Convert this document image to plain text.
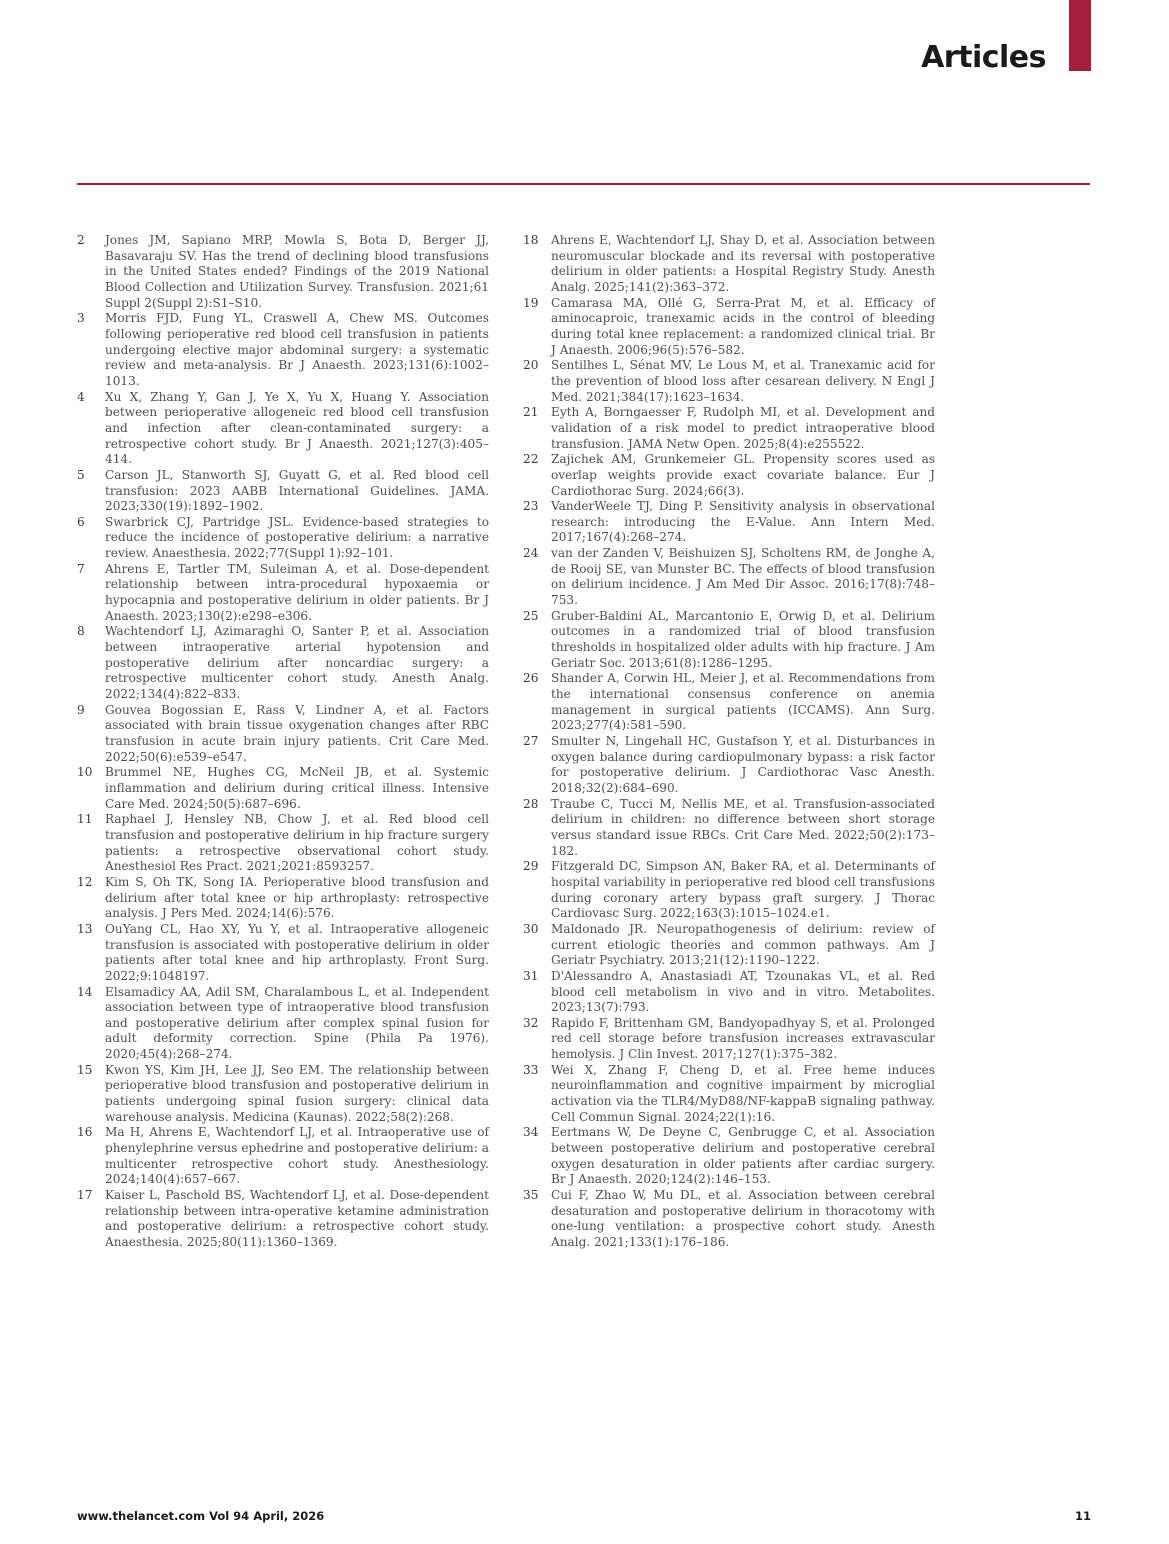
Articles
2	Jones JM, Sapiano MRP, Mowla S, Bota D, Berger JJ, Basavaraju SV. Has the trend of declining blood transfusions in the United States ended? Findings of the 2019 National Blood Collection and Utilization Survey. Transfusion. 2021;61 Suppl 2(Suppl 2):S1–S10.
3	Morris FJD, Fung YL, Craswell A, Chew MS. Outcomes following perioperative red blood cell transfusion in patients undergoing elective major abdominal surgery: a systematic review and meta-analysis. Br J Anaesth. 2023;131(6):1002–1013.
4	Xu X, Zhang Y, Gan J, Ye X, Yu X, Huang Y. Association between perioperative allogeneic red blood cell transfusion and infection after clean-contaminated surgery: a retrospective cohort study. Br J Anaesth. 2021;127(3):405–414.
5	Carson JL, Stanworth SJ, Guyatt G, et al. Red blood cell transfusion: 2023 AABB International Guidelines. JAMA. 2023;330(19):1892–1902.
6	Swarbrick CJ, Partridge JSL. Evidence-based strategies to reduce the incidence of postoperative delirium: a narrative review. Anaesthesia. 2022;77(Suppl 1):92–101.
7	Ahrens E, Tartler TM, Suleiman A, et al. Dose-dependent relationship between intra-procedural hypoxaemia or hypocapnia and postoperative delirium in older patients. Br J Anaesth. 2023;130(2):e298–e306.
8	Wachtendorf LJ, Azimaraghi O, Santer P, et al. Association between intraoperative arterial hypotension and postoperative delirium after noncardiac surgery: a retrospective multicenter cohort study. Anesth Analg. 2022;134(4):822–833.
9	Gouvea Bogossian E, Rass V, Lindner A, et al. Factors associated with brain tissue oxygenation changes after RBC transfusion in acute brain injury patients. Crit Care Med. 2022;50(6):e539–e547.
10	Brummel NE, Hughes CG, McNeil JB, et al. Systemic inflammation and delirium during critical illness. Intensive Care Med. 2024;50(5):687–696.
11	Raphael J, Hensley NB, Chow J, et al. Red blood cell transfusion and postoperative delirium in hip fracture surgery patients: a retrospective observational cohort study. Anesthesiol Res Pract. 2021;2021:8593257.
12	Kim S, Oh TK, Song IA. Perioperative blood transfusion and delirium after total knee or hip arthroplasty: retrospective analysis. J Pers Med. 2024;14(6):576.
13	OuYang CL, Hao XY, Yu Y, et al. Intraoperative allogeneic transfusion is associated with postoperative delirium in older patients after total knee and hip arthroplasty. Front Surg. 2022;9:1048197.
14	Elsamadicy AA, Adil SM, Charalambous L, et al. Independent association between type of intraoperative blood transfusion and postoperative delirium after complex spinal fusion for adult deformity correction. Spine (Phila Pa 1976). 2020;45(4):268–274.
15	Kwon YS, Kim JH, Lee JJ, Seo EM. The relationship between perioperative blood transfusion and postoperative delirium in patients undergoing spinal fusion surgery: clinical data warehouse analysis. Medicina (Kaunas). 2022;58(2):268.
16	Ma H, Ahrens E, Wachtendorf LJ, et al. Intraoperative use of phenylephrine versus ephedrine and postoperative delirium: a multicenter retrospective cohort study. Anesthesiology. 2024;140(4):657–667.
17	Kaiser L, Paschold BS, Wachtendorf LJ, et al. Dose-dependent relationship between intra-operative ketamine administration and postoperative delirium: a retrospective cohort study. Anaesthesia. 2025;80(11):1360–1369.
18	Ahrens E, Wachtendorf LJ, Shay D, et al. Association between neuromuscular blockade and its reversal with postoperative delirium in older patients: a Hospital Registry Study. Anesth Analg. 2025;141(2):363–372.
19	Camarasa MA, Ollé G, Serra-Prat M, et al. Efficacy of aminocaproic, tranexamic acids in the control of bleeding during total knee replacement: a randomized clinical trial. Br J Anaesth. 2006;96(5):576–582.
20	Sentilhes L, Sénat MV, Le Lous M, et al. Tranexamic acid for the prevention of blood loss after cesarean delivery. N Engl J Med. 2021;384(17):1623–1634.
21	Eyth A, Borngaesser F, Rudolph MI, et al. Development and validation of a risk model to predict intraoperative blood transfusion. JAMA Netw Open. 2025;8(4):e255522.
22	Zajichek AM, Grunkemeier GL. Propensity scores used as overlap weights provide exact covariate balance. Eur J Cardiothorac Surg. 2024;66(3).
23	VanderWeele TJ, Ding P. Sensitivity analysis in observational research: introducing the E-Value. Ann Intern Med. 2017;167(4):268–274.
24	van der Zanden V, Beishuizen SJ, Scholtens RM, de Jonghe A, de Rooij SE, van Munster BC. The effects of blood transfusion on delirium incidence. J Am Med Dir Assoc. 2016;17(8):748–753.
25	Gruber-Baldini AL, Marcantonio E, Orwig D, et al. Delirium outcomes in a randomized trial of blood transfusion thresholds in hospitalized older adults with hip fracture. J Am Geriatr Soc. 2013;61(8):1286–1295.
26	Shander A, Corwin HL, Meier J, et al. Recommendations from the international consensus conference on anemia management in surgical patients (ICCAMS). Ann Surg. 2023;277(4):581–590.
27	Smulter N, Lingehall HC, Gustafson Y, et al. Disturbances in oxygen balance during cardiopulmonary bypass: a risk factor for postoperative delirium. J Cardiothorac Vasc Anesth. 2018;32(2):684–690.
28	Traube C, Tucci M, Nellis ME, et al. Transfusion-associated delirium in children: no difference between short storage versus standard issue RBCs. Crit Care Med. 2022;50(2):173–182.
29	Fitzgerald DC, Simpson AN, Baker RA, et al. Determinants of hospital variability in perioperative red blood cell transfusions during coronary artery bypass graft surgery. J Thorac Cardiovasc Surg. 2022;163(3):1015–1024.e1.
30	Maldonado JR. Neuropathogenesis of delirium: review of current etiologic theories and common pathways. Am J Geriatr Psychiatry. 2013;21(12):1190–1222.
31	D'Alessandro A, Anastasiadi AT, Tzounakas VL, et al. Red blood cell metabolism in vivo and in vitro. Metabolites. 2023;13(7):793.
32	Rapido F, Brittenham GM, Bandyopadhyay S, et al. Prolonged red cell storage before transfusion increases extravascular hemolysis. J Clin Invest. 2017;127(1):375–382.
33	Wei X, Zhang F, Cheng D, et al. Free heme induces neuroinflammation and cognitive impairment by microglial activation via the TLR4/MyD88/NF-kappaB signaling pathway. Cell Commun Signal. 2024;22(1):16.
34	Eertmans W, De Deyne C, Genbrugge C, et al. Association between postoperative delirium and postoperative cerebral oxygen desaturation in older patients after cardiac surgery. Br J Anaesth. 2020;124(2):146–153.
35	Cui F, Zhao W, Mu DL, et al. Association between cerebral desaturation and postoperative delirium in thoracotomy with one-lung ventilation: a prospective cohort study. Anesth Analg. 2021;133(1):176–186.
www.thelancet.com Vol 94 April, 2026	11
